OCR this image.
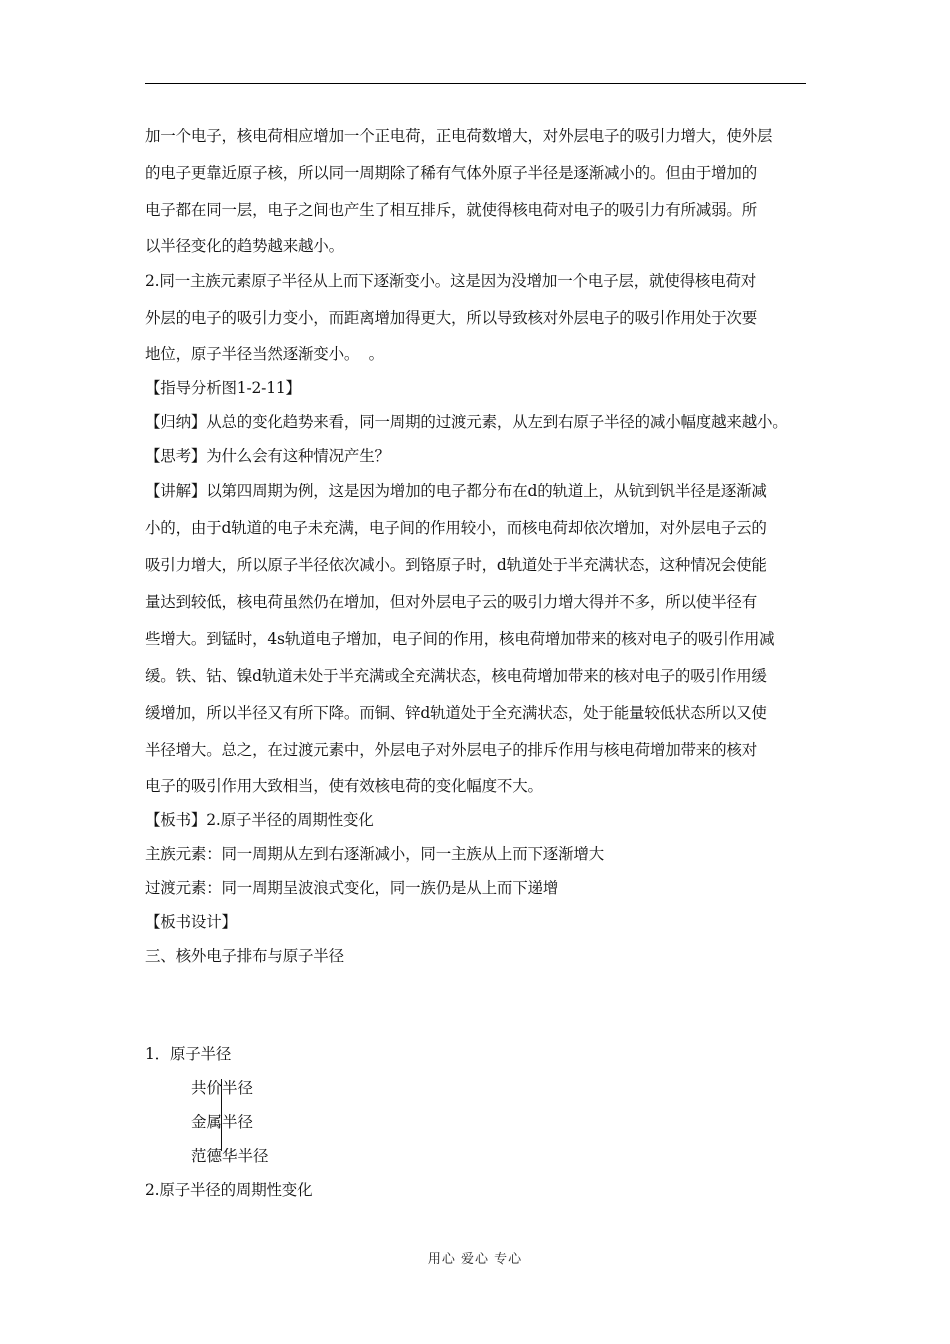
加一个电子，核电荷相应增加一个正电荷，正电荷数增大，对外层电子的吸引力增大，使外层
的电子更靠近原子核，所以同一周期除了稀有气体外原子半径是逐渐减小的。但由于增加的
电子都在同一层，电子之间也产生了相互排斥，就使得核电荷对电子的吸引力有所减弱。所
以半径变化的趋势越来越小。
2.同一主族元素原子半径从上而下逐渐变小。这是因为没增加一个电子层，就使得核电荷对
外层的电子的吸引力变小，而距离增加得更大，所以导致核对外层电子的吸引作用处于次要
地位，原子半径当然逐渐变小。  。
【指导分析图1-2-11】
【归纳】从总的变化趋势来看，同一周期的过渡元素，从左到右原子半径的减小幅度越来越小。
【思考】为什么会有这种情况产生？
【讲解】以第四周期为例，这是因为增加的电子都分布在d的轨道上，从钪到钒半径是逐渐减
小的，由于d轨道的电子未充满，电子间的作用较小，而核电荷却依次增加，对外层电子云的
吸引力增大，所以原子半径依次减小。到铬原子时，d轨道处于半充满状态，这种情况会使能
量达到较低，核电荷虽然仍在增加，但对外层电子云的吸引力增大得并不多，所以使半径有
些增大。到锰时，4s轨道电子增加，电子间的作用，核电荷增加带来的核对电子的吸引作用减
缓。铁、钴、镍d轨道未处于半充满或全充满状态，核电荷增加带来的核对电子的吸引作用缓
缓增加，所以半径又有所下降。而铜、锌d轨道处于全充满状态，处于能量较低状态所以又使
半径增大。总之，在过渡元素中，外层电子对外层电子的排斥作用与核电荷增加带来的核对
电子的吸引作用大致相当，使有效核电荷的变化幅度不大。
【板书】2.原子半径的周期性变化
主族元素：同一周期从左到右逐渐减小，同一主族从上而下逐渐增大
过渡元素：同一周期呈波浪式变化，同一族仍是从上而下递增
【板书设计】
三、核外电子排布与原子半径
1．原子半径
共价半径
金属半径
范德华半径
2.原子半径的周期性变化
用心 爱心 专心
